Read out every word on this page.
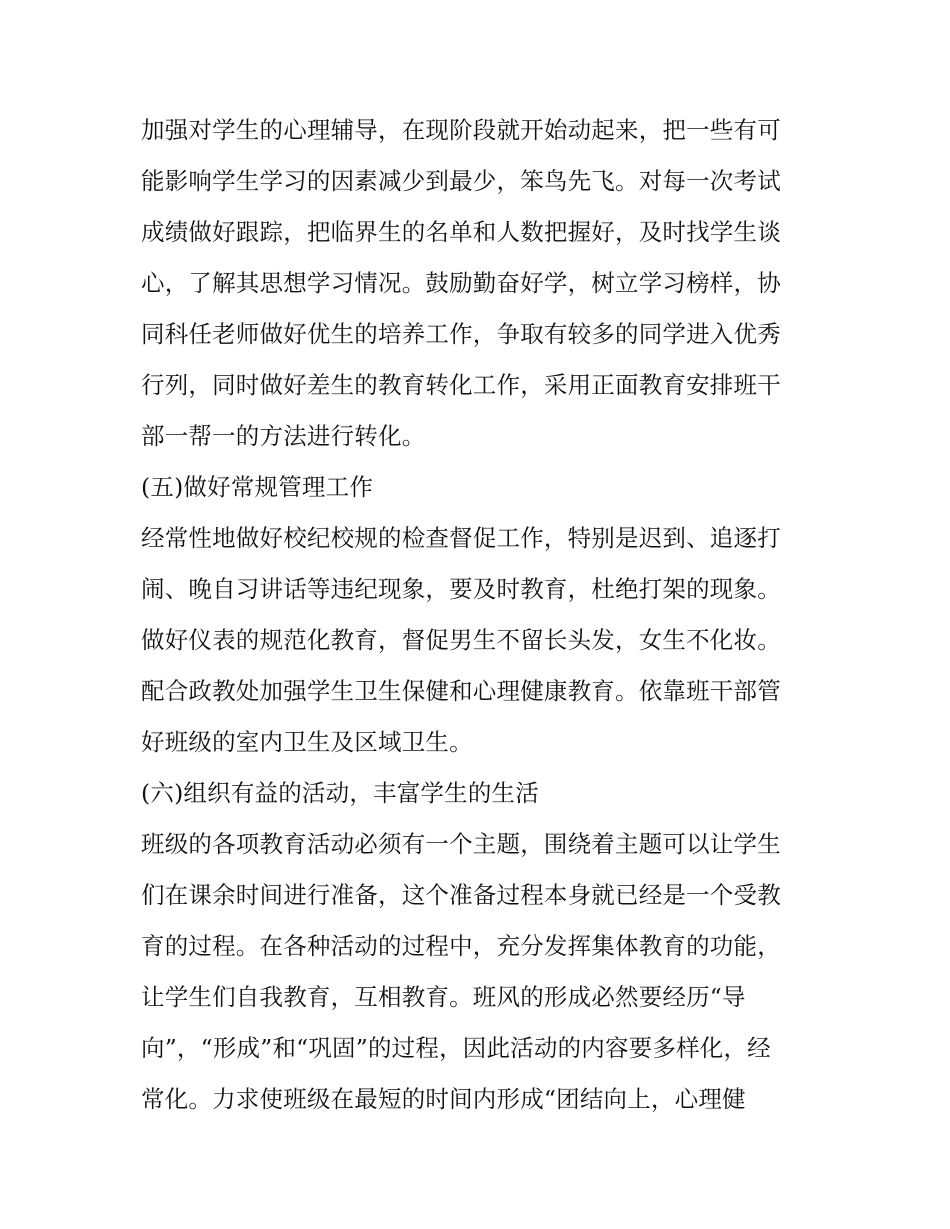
加强对学生的心理辅导，在现阶段就开始动起来，把一些有可
能影响学生学习的因素减少到最少，笨鸟先飞。对每一次考试
成绩做好跟踪，把临界生的名单和人数把握好，及时找学生谈
心，了解其思想学习情况。鼓励勤奋好学，树立学习榜样，协
同科任老师做好优生的培养工作，争取有较多的同学进入优秀
行列，同时做好差生的教育转化工作，采用正面教育安排班干
部一帮一的方法进行转化。
(五)做好常规管理工作
经常性地做好校纪校规的检查督促工作，特别是迟到、追逐打
闹、晚自习讲话等违纪现象，要及时教育，杜绝打架的现象。
做好仪表的规范化教育，督促男生不留长头发，女生不化妆。
配合政教处加强学生卫生保健和心理健康教育。依靠班干部管
好班级的室内卫生及区域卫生。
(六)组织有益的活动，丰富学生的生活
班级的各项教育活动必须有一个主题，围绕着主题可以让学生
们在课余时间进行准备，这个准备过程本身就已经是一个受教
育的过程。在各种活动的过程中，充分发挥集体教育的功能，
让学生们自我教育，互相教育。班风的形成必然要经历“导
向”，“形成”和“巩固”的过程，因此活动的内容要多样化，经
常化。力求使班级在最短的时间内形成“团结向上，心理健
